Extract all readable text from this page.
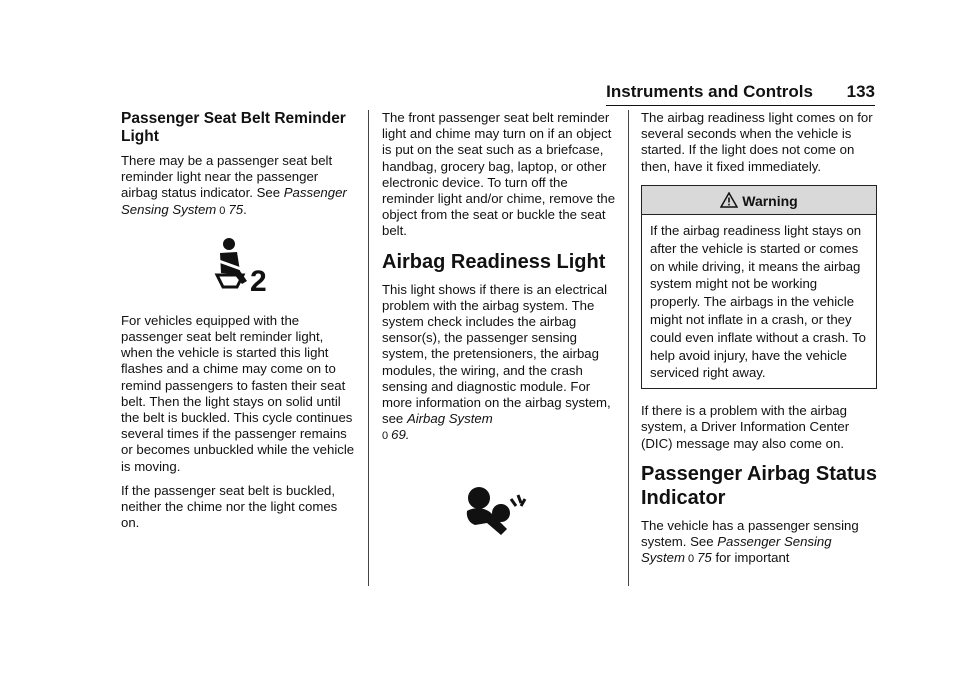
Instruments and Controls 133
Passenger Seat Belt Reminder Light

There may be a passenger seat belt reminder light near the passenger airbag status indicator. See Passenger Sensing System 0 75.

2

For vehicles equipped with the passenger seat belt reminder light, when the vehicle is started this light flashes and a chime may come on to remind passengers to fasten their seat belt. Then the light stays on solid until the belt is buckled. This cycle continues several times if the passenger remains or becomes unbuckled while the vehicle is moving.

If the passenger seat belt is buckled, neither the chime nor the light comes on.

The front passenger seat belt reminder light and chime may turn on if an object is put on the seat such as a briefcase, handbag, grocery bag, laptop, or other electronic device. To turn off the reminder light and/or chime, remove the object from the seat or buckle the seat belt.

Airbag Readiness Light

This light shows if there is an electrical problem with the airbag system. The system check includes the airbag sensor(s), the passenger sensing system, the pretensioners, the airbag modules, the wiring, and the crash sensing and diagnostic module. For more information on the airbag system, see Airbag System
0 69.

The airbag readiness light comes on for several seconds when the vehicle is started. If the light does not come on then, have it fixed immediately.

Warning
If the airbag readiness light stays on after the vehicle is started or comes on while driving, it means the airbag system might not be working properly. The airbags in the vehicle might not inflate in a crash, or they could even inflate without a crash. To help avoid injury, have the vehicle serviced right away.

If there is a problem with the airbag system, a Driver Information Center (DIC) message may also come on.

Passenger Airbag Status Indicator

The vehicle has a passenger sensing system. See Passenger Sensing System 0 75 for important
